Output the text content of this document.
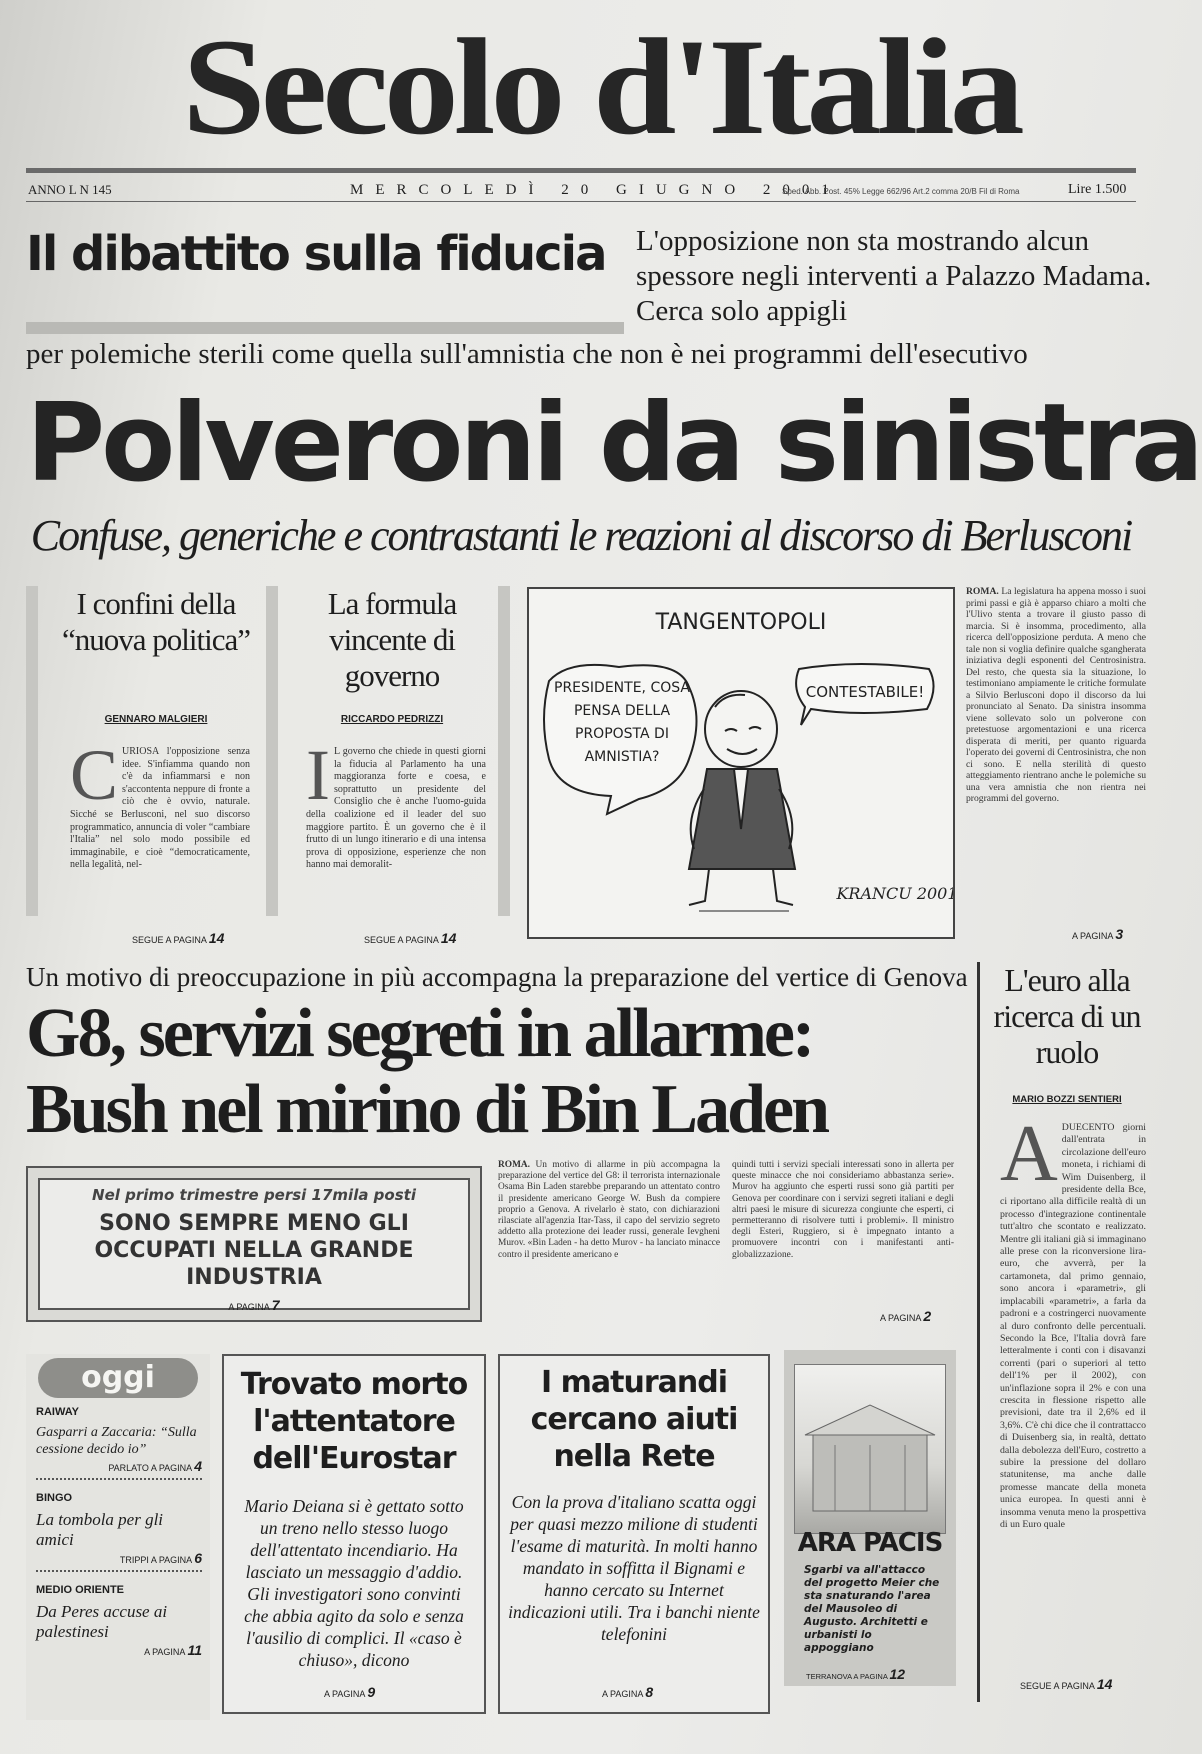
Secolo d'Italia
ANNO L N 145	MERCOLEDÌ 20 GIUGNO 2001
Sped. Abb. Post. 45% Legge 662/96 Art.2 comma 20/B Fil di Roma	Lire 1.500
Il dibattito sulla fiducia L'opposizione non sta mostrando alcun spessore negli interventi a Palazzo Madama. Cerca solo appigli
per polemiche sterili come quella sull'amnistia che non è nei programmi dell'esecutivo
Polveroni da sinistra
Confuse, generiche e contrastanti le reazioni al discorso di Berlusconi
I confini della “nuova politica”
GENNARO MALGIERI
C URIOSA l'opposizione senza idee. S'infiamma quando non c'è da infiammarsi e non s'accontenta neppure di fronte a ciò che è ovvio, naturale. Sicché se Berlusconi, nel suo discorso programmatico, annuncia di voler “cambiare l'Italia” nel solo modo possibile ed immaginabile, e cioè “democraticamente, nella legalità, nel-
SEGUE A PAGINA 14
La formula vincente di governo
RICCARDO PEDRIZZI
I L governo che chiede in questi giorni la fiducia al Parlamento ha una maggioranza forte e coesa, e soprattutto un presidente del Consiglio che è anche l'uomo-guida della coalizione ed il leader del suo maggiore partito. È un governo che è il frutto di un lungo itinerario e di una intensa prova di opposizione, esperienze che non hanno mai demoralit-
SEGUE A PAGINA 14
TANGENTOPOLI
PRESIDENTE, COSA PENSA DELLA PROPOSTA DI AMNISTIA?
CONTESTABILE!
KRANCU 2001
ROMA. La legislatura ha appena mosso i suoi primi passi e già è apparso chiaro a molti che l'Ulivo stenta a trovare il giusto passo di marcia. Si è insomma, procedimento, alla ricerca dell'opposizione perduta. A meno che tale non si voglia definire qualche sgangherata iniziativa degli esponenti del Centrosinistra. Del resto, che questa sia la situazione, lo testimoniano ampiamente le critiche formulate a Silvio Berlusconi dopo il discorso da lui pronunciato al Senato. Da sinistra insomma viene sollevato solo un polverone con pretestuose argomentazioni e una ricerca disperata di meriti, per quanto riguarda l'operato dei governi di Centrosinistra, che non ci sono. E nella sterilità di questo atteggiamento rientrano anche le polemiche su una vera amnistia che non rientra nei programmi del governo.
A PAGINA 3
Un motivo di preoccupazione in più accompagna la preparazione del vertice di Genova
G8, servizi segreti in allarme: Bush nel mirino di Bin Laden
ROMA. Un motivo di allarme in più accompagna la preparazione del vertice del G8: il terrorista internazionale Osama Bin Laden starebbe preparando un attentato contro il presidente americano George W. Bush da compiere proprio a Genova. A rivelarlo è stato, con dichiarazioni rilasciate all'agenzia Itar-Tass, il capo del servizio segreto addetto alla protezione dei leader russi, generale Ievgheni Murov. «Bin Laden - ha detto Murov - ha lanciato minacce contro il presidente americano e
quindi tutti i servizi speciali interessati sono in allerta per queste minacce che noi consideriamo abbastanza serie». Murov ha aggiunto che esperti russi sono già partiti per Genova per coordinare con i servizi segreti italiani e degli altri paesi le misure di sicurezza congiunte che esperti, ci permetteranno di risolvere tutti i problemi». Il ministro degli Esteri, Ruggiero, si è impegnato intanto a promuovere incontri con i manifestanti anti-globalizzazione.
A PAGINA 2
Nel primo trimestre persi 17mila posti
SONO SEMPRE MENO GLI OCCUPATI NELLA GRANDE INDUSTRIA
A PAGINA 7
L'euro alla ricerca di un ruolo
MARIO BOZZI SENTIERI
A DUECENTO giorni dall'entrata in circolazione dell'euro moneta, i richiami di Wim Duisenberg, il presidente della Bce, ci riportano alla difficile realtà di un processo d'integrazione continentale tutt'altro che scontato e realizzato. Mentre gli italiani già si immaginano alle prese con la riconversione lira-euro, che avverrà, per la cartamoneta, dal primo gennaio, sono ancora i «parametri», gli implacabili «parametri», a farla da padroni e a costringerci nuovamente al duro confronto delle percentuali. Secondo la Bce, l'Italia dovrà fare letteralmente i conti con i disavanzi correnti (pari o superiori al tetto dell'1% per il 2002), con un'inflazione sopra il 2% e con una crescita in flessione rispetto alle previsioni, date tra il 2,6% ed il 3,6%. C'è chi dice che il contrattacco di Duisenberg sia, in realtà, dettato dalla debolezza dell'Euro, costretto a subire la pressione del dollaro statunitense, ma anche dalle promesse mancate della moneta unica europea. In questi anni è insomma venuta meno la prospettiva di un Euro quale
SEGUE A PAGINA 14
oggi
RAIWAY
Gasparri a Zaccaria: “Sulla cessione decido io”
PARLATO A PAGINA 4
BINGO
La tombola per gli amici
TRIPPI A PAGINA 6
MEDIO ORIENTE
Da Peres accuse ai palestinesi
A PAGINA 11
Trovato morto l'attentatore dell'Eurostar
Mario Deiana si è gettato sotto un treno nello stesso luogo dell'attentato incendiario. Ha lasciato un messaggio d'addio. Gli investigatori sono convinti che abbia agito da solo e senza l'ausilio di complici. Il «caso è chiuso», dicono
A PAGINA 9
I maturandi cercano aiuti nella Rete
Con la prova d'italiano scatta oggi per quasi mezzo milione di studenti l'esame di maturità. In molti hanno mandato in soffitta il Bignami e hanno cercato su Internet indicazioni utili. Tra i banchi niente telefonini
A PAGINA 8
ARA PACIS
Sgarbi va all'attacco del progetto Meier che sta snaturando l'area del Mausoleo di Augusto. Architetti e urbanisti lo appoggiano
TERRANOVA A PAGINA 12
